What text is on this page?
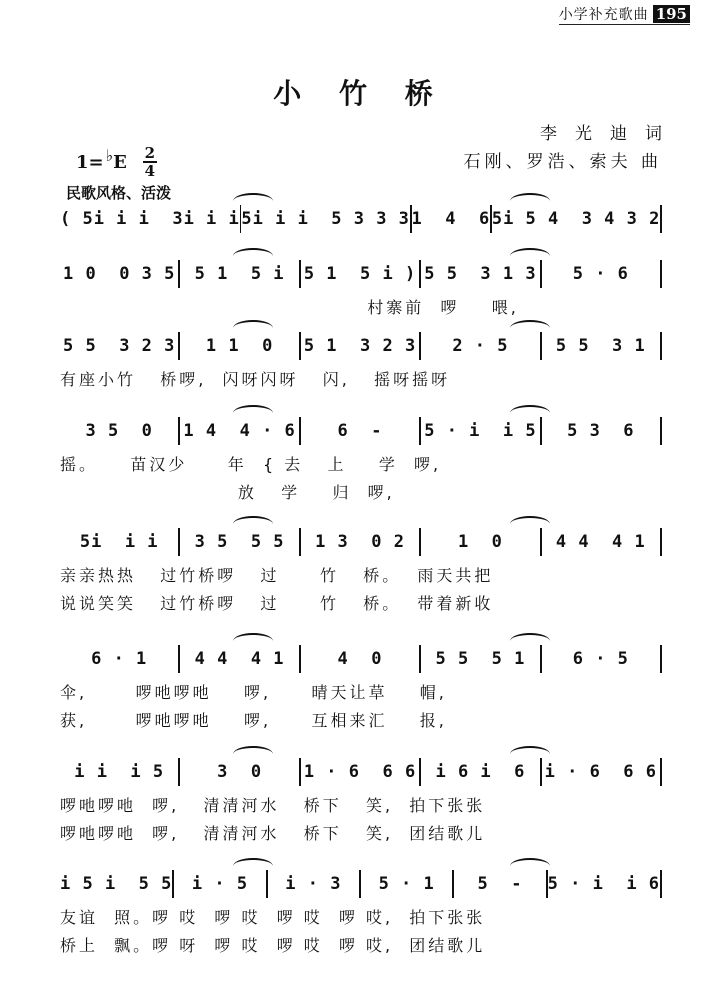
小学补充歌曲 195
小 竹 桥
李光迪词
石刚、罗浩、索夫 曲
1= ♭ E 2
4
民歌风格、活泼
( 5i i i  3i i i 5i i i  5 3 3 3 1  4  6 5i 5 4  3 4 3 2
1 0  0 3 5	5 1  5 i	5 1  5 i ) 5 5  3 1 3	5 · 6
村寨前  啰    喂,
5 5  3 2 3	1 1  0	5 1  3 2 3	2 · 5	5 5  3 1
有座小竹   桥啰,  闪呀闪呀   闪,   摇呀摇呀
3 5  0	1 4  4 · 6	6  -	5 · i  i 5	5 3  6
摇。    苗汉少     年  { 去   上    学  啰,
放   学    归  啰,
5i  i i	3 5  5 5	1 3  0 2	1  0	4 4  4 1
亲亲热热   过竹桥啰   过     竹   桥。  雨天共把
说说笑笑   过竹桥啰   过     竹   桥。  带着新收
6 · 1	4 4  4 1	4  0	5 5  5 1	6 · 5
伞,      啰吔啰吔    啰,     晴天让草    帽,
获,      啰吔啰吔    啰,     互相来汇    报,
i i  i 5	3  0	1 · 6  6 6	i 6 i  6	i · 6  6 6
啰吔啰吔  啰,   清清河水   桥下   笑,  拍下张张
啰吔啰吔  啰,   清清河水   桥下   笑,  团结歌儿
i 5 i  5 5	i · 5	i · 3	5 · 1	5  -	5 · i  i 6
友谊  照。啰 哎  啰 哎  啰 哎  啰 哎,  拍下张张
桥上  飘。啰 呀  啰 哎  啰 哎  啰 哎,  团结歌儿
